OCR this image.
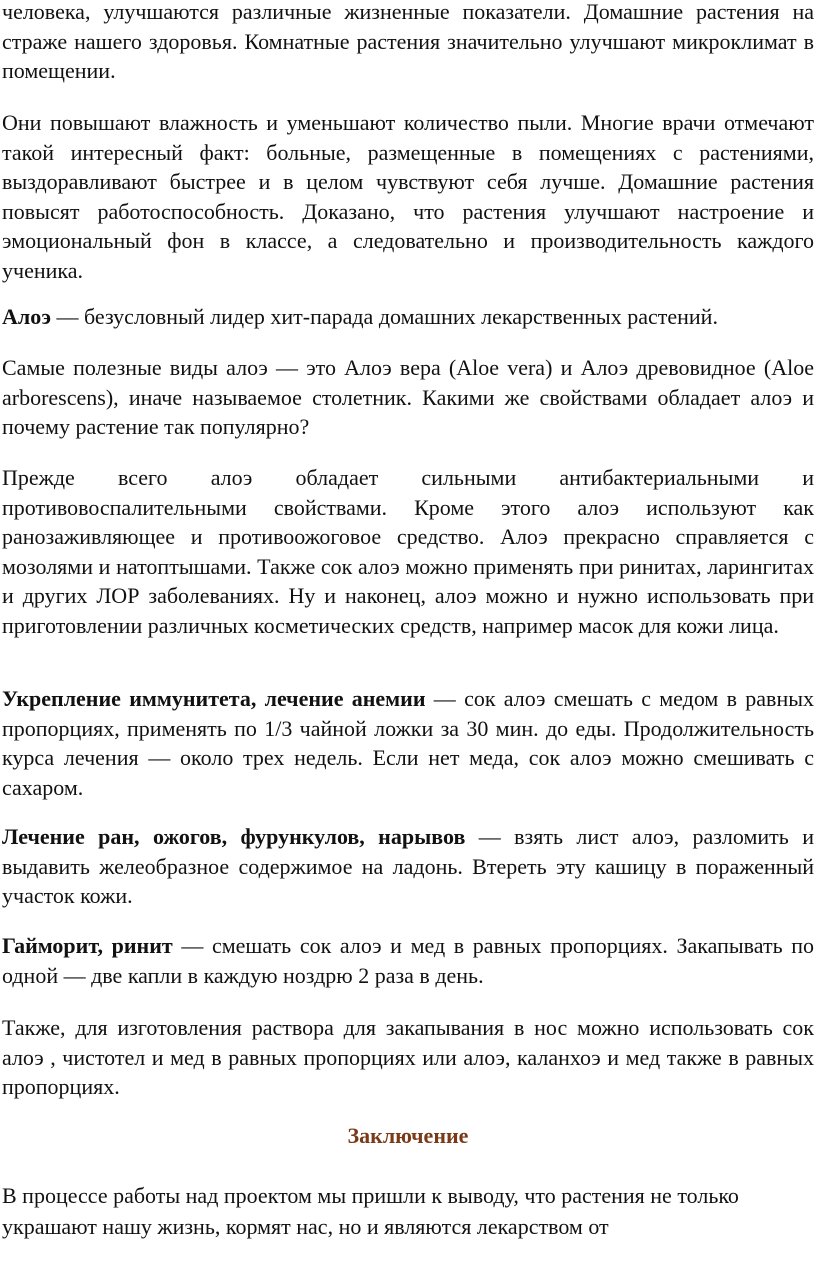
человека, улучшаются различные жизненные показатели. Домашние растения на страже нашего здоровья. Комнатные растения значительно улучшают микроклимат в помещении.

Они повышают влажность и уменьшают количество пыли. Многие врачи отмечают такой интересный факт: больные, размещенные в помещениях с растениями, выздоравливают быстрее и в целом чувствуют себя лучше. Домашние растения повысят работоспособность. Доказано, что растения улучшают настроение и эмоциональный фон в классе, а следовательно и производительность каждого ученика.

Алоэ — безусловный лидер хит-парада домашних лекарственных растений.

Самые полезные виды алоэ — это Алоэ вера (Aloe vera) и Алоэ древовидное (Aloe arborescens), иначе называемое столетник. Какими же свойствами обладает алоэ и почему растение так популярно?

Прежде всего алоэ обладает сильными антибактериальными и противовоспалительными свойствами. Кроме этого алоэ используют как ранозаживляющее и противоожоговое средство. Алоэ прекрасно справляется с мозолями и натоптышами. Также сок алоэ можно применять при ринитах, ларингитах и других ЛОР заболеваниях. Ну и наконец, алоэ можно и нужно использовать при приготовлении различных косметических средств, например масок для кожи лица.

Укрепление иммунитета, лечение анемии — сок алоэ смешать с медом в равных пропорциях, применять по 1/3 чайной ложки за 30 мин. до еды. Продолжительность курса лечения — около трех недель. Если нет меда, сок алоэ можно смешивать с сахаром.

Лечение ран, ожогов, фурункулов, нарывов — взять лист алоэ, разломить и выдавить желеобразное содержимое на ладонь. Втереть эту кашицу в пораженный участок кожи.

Гайморит, ринит — смешать сок алоэ и мед в равных пропорциях. Закапывать по одной — две капли в каждую ноздрю 2 раза в день.

Также, для изготовления раствора для закапывания в нос можно использовать сок алоэ , чистотел и мед в равных пропорциях или алоэ, каланхоэ и мед также в равных пропорциях.

Заключение

В процессе работы над проектом мы пришли к выводу, что растения не только украшают нашу жизнь, кормят нас, но и являются лекарством от
